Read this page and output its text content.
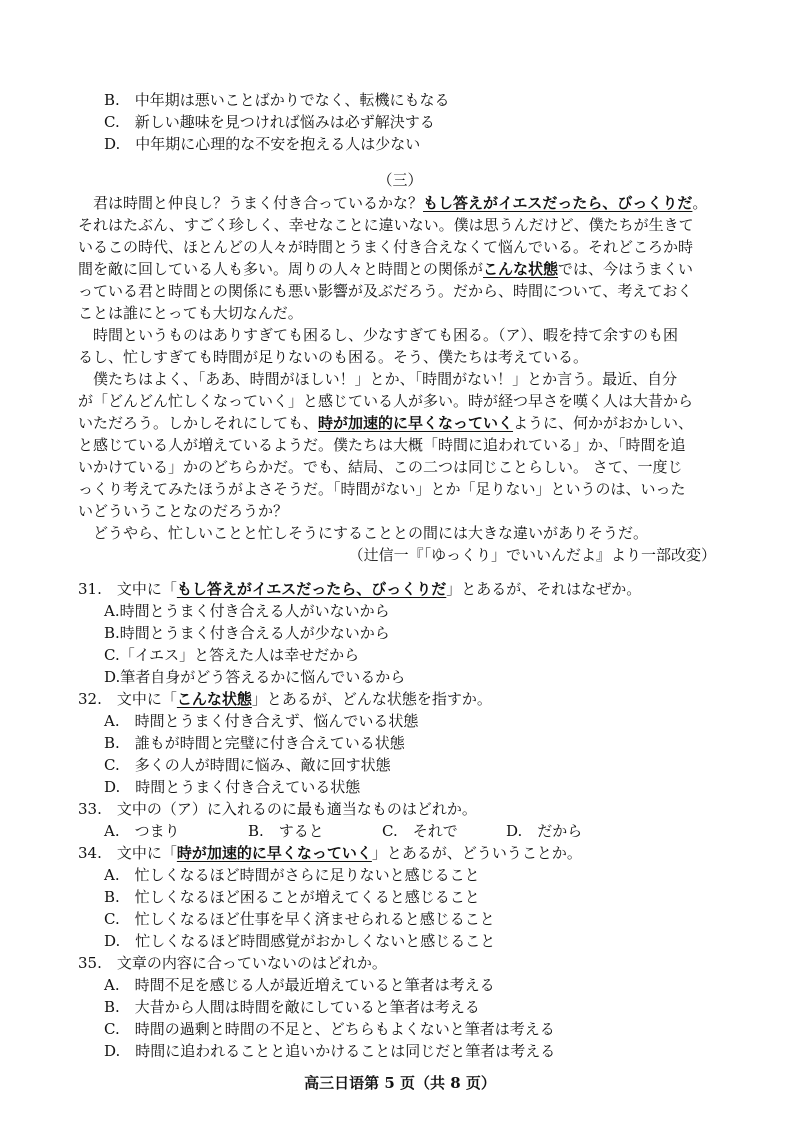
B.　中年期は悪いことばかりでなく、転機にもなる
C.　新しい趣味を見つければ悩みは必ず解決する
D.　中年期に心理的な不安を抱える人は少ない
（三）
　君は時間と仲良し？うまく付き合っているかな？もし答えがイエスだったら、びっくりだ。
それはたぶん、すごく珍しく、幸せなことに違いない。僕は思うんだけど、僕たちが生きて
いるこの時代、ほとんどの人々が時間とうまく付き合えなくて悩んでいる。それどころか時
間を敵に回している人も多い。周りの人々と時間との関係がこんな状態では、今はうまくい
っている君と時間との関係にも悪い影響が及ぶだろう。だから、時間について、考えておく
ことは誰にとっても大切なんだ。
　時間というものはありすぎても困るし、少なすぎても困る。（ア）、暇を持て余すのも困
るし、忙しすぎても時間が足りないのも困る。そう、僕たちは考えている。
　僕たちはよく、「ああ、時間がほしい！」とか、「時間がない！」とか言う。最近、自分
が「どんどん忙しくなっていく」と感じている人が多い。時が経つ早さを嘆く人は大昔から
いただろう。しかしそれにしても、時が加速的に早くなっていくように、何かがおかしい、
と感じている人が増えているようだ。僕たちは大概「時間に追われている」か、「時間を追
いかけている」かのどちらかだ。でも、結局、この二つは同じことらしい。 さて、一度じ
っくり考えてみたほうがよさそうだ。「時間がない」とか「足りない」というのは、いった
いどういうことなのだろうか？
　どうやら、忙しいことと忙しそうにすることとの間には大きな違いがありそうだ。
（辻信一『「ゆっくり」でいいんだよ』より一部改変）
31.　文中に「もし答えがイエスだったら、びっくりだ」とあるが、それはなぜか。
A.時間とうまく付き合える人がいないから
B.時間とうまく付き合える人が少ないから
C.「イエス」と答えた人は幸せだから
D.筆者自身がどう答えるかに悩んでいるから
32.　文中に「こんな状態」とあるが、どんな状態を指すか。
A.　時間とうまく付き合えず、悩んでいる状態
B.　誰もが時間と完璧に付き合えている状態
C.　多くの人が時間に悩み、敵に回す状態
D.　時間とうまく付き合えている状態
33.　文中の（ア）に入れるのに最も適当なものはどれか。
A.　つまり	B.　すると	C.　それで	D.　だから
34.　文中に「時が加速的に早くなっていく」とあるが、どういうことか。
A.　忙しくなるほど時間がさらに足りないと感じること
B.　忙しくなるほど困ることが増えてくると感じること
C.　忙しくなるほど仕事を早く済ませられると感じること
D.　忙しくなるほど時間感覚がおかしくないと感じること
35.　文章の内容に合っていないのはどれか。
A.　時間不足を感じる人が最近増えていると筆者は考える
B.　大昔から人間は時間を敵にしていると筆者は考える
C.　時間の過剰と時間の不足と、どちらもよくないと筆者は考える
D.　時間に追われることと追いかけることは同じだと筆者は考える
高三日语第 5 页（共 8 页）
